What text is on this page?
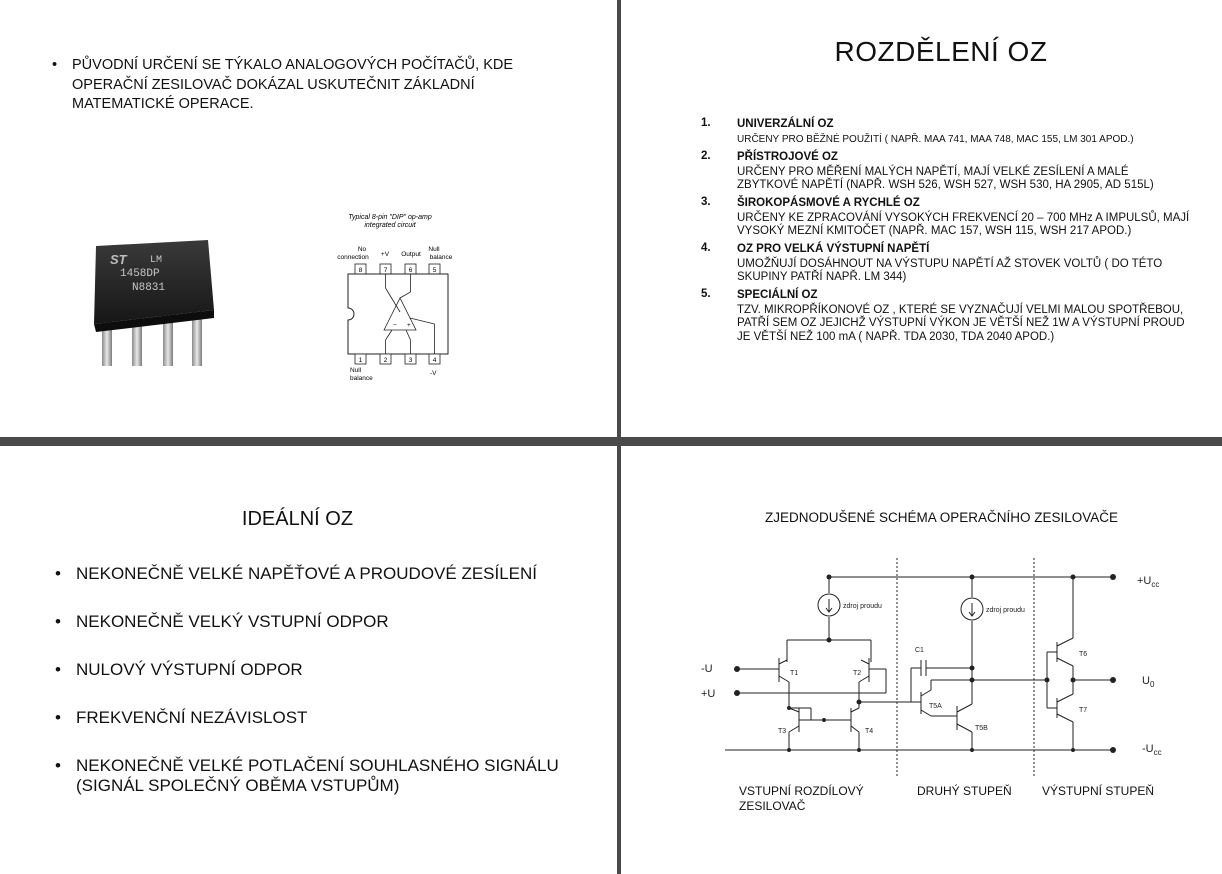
• PŮVODNÍ URČENÍ SE TÝKALO ANALOGOVÝCH POČÍTAČŮ, KDE OPERAČNÍ ZESILOVAČ DOKÁZAL USKUTEČNIT ZÁKLADNÍ MATEMATICKÉ OPERACE.
ST LM
1458DP
N8831
Typical 8-pin "DIP" op-amp
integrated circuit
No
connection +V Output
Null
balance
8	7	6	5
− +
1	2	3	4
Null
balance
-V
ROZDĚLENÍ OZ
1. UNIVERZÁLNÍ OZ
URČENY PRO BĚŽNÉ POUŽITÍ ( NAPŘ. MAA 741, MAA 748, MAC 155, LM 301 APOD.)
2. PŘÍSTROJOVÉ OZ
URČENY PRO MĚŘENÍ MALÝCH NAPĚTÍ, MAJÍ VELKÉ ZESÍLENÍ A MALÉ ZBYTKOVÉ NAPĚTÍ (NAPŘ. WSH 526, WSH 527, WSH 530, HA 2905, AD 515L)
3. ŠIROKOPÁSMOVÉ A RYCHLÉ OZ
URČENY KE ZPRACOVÁNÍ VYSOKÝCH FREKVENCÍ 20 – 700 MHz A IMPULSŮ, MAJÍ VYSOKÝ MEZNÍ KMITOČET (NAPŘ. MAC 157, WSH 115, WSH 217 APOD.)
4. OZ PRO VELKÁ VÝSTUPNÍ NAPĚTÍ
UMOŽŇUJÍ DOSÁHNOUT NA VÝSTUPU NAPĚTÍ AŽ STOVEK VOLTŮ ( DO TÉTO SKUPINY PATŘÍ NAPŘ. LM 344)
5. SPECIÁLNÍ OZ
TZV. MIKROPŘÍKONOVÉ OZ , KTERÉ SE VYZNAČUJÍ VELMI MALOU SPOTŘEBOU, PATŘÍ SEM OZ JEJICHŽ VÝSTUPNÍ VÝKON JE VĚTŠÍ NEŽ 1W A VÝSTUPNÍ PROUD JE VĚTŠÍ NEŽ 100 mA ( NAPŘ. TDA 2030, TDA 2040 APOD.)
IDEÁLNÍ OZ
• NEKONEČNĚ VELKÉ NAPĚŤOVÉ A PROUDOVÉ ZESÍLENÍ
• NEKONEČNĚ VELKÝ VSTUPNÍ ODPOR
• NULOVÝ VÝSTUPNÍ ODPOR
• FREKVENČNÍ NEZÁVISLOST
• NEKONEČNĚ VELKÉ POTLAČENÍ SOUHLASNÉHO SIGNÁLU (SIGNÁL SPOLEČNÝ OBĚMA VSTUPŮM)
ZJEDNODUŠENÉ SCHÉMA OPERAČNÍHO ZESILOVAČE
zdroj proudu
zdroj proudu
T1	T2
T3	T4
C1
T5A
T5B
T6
T7
-U
+U
$+U_{cc}$
$U_0$
$-U_{cc}$
VSTUPNÍ ROZDÍLOVÝ
ZESILOVAČ
DRUHÝ STUPEŇ	VÝSTUPNÍ STUPEŇ
